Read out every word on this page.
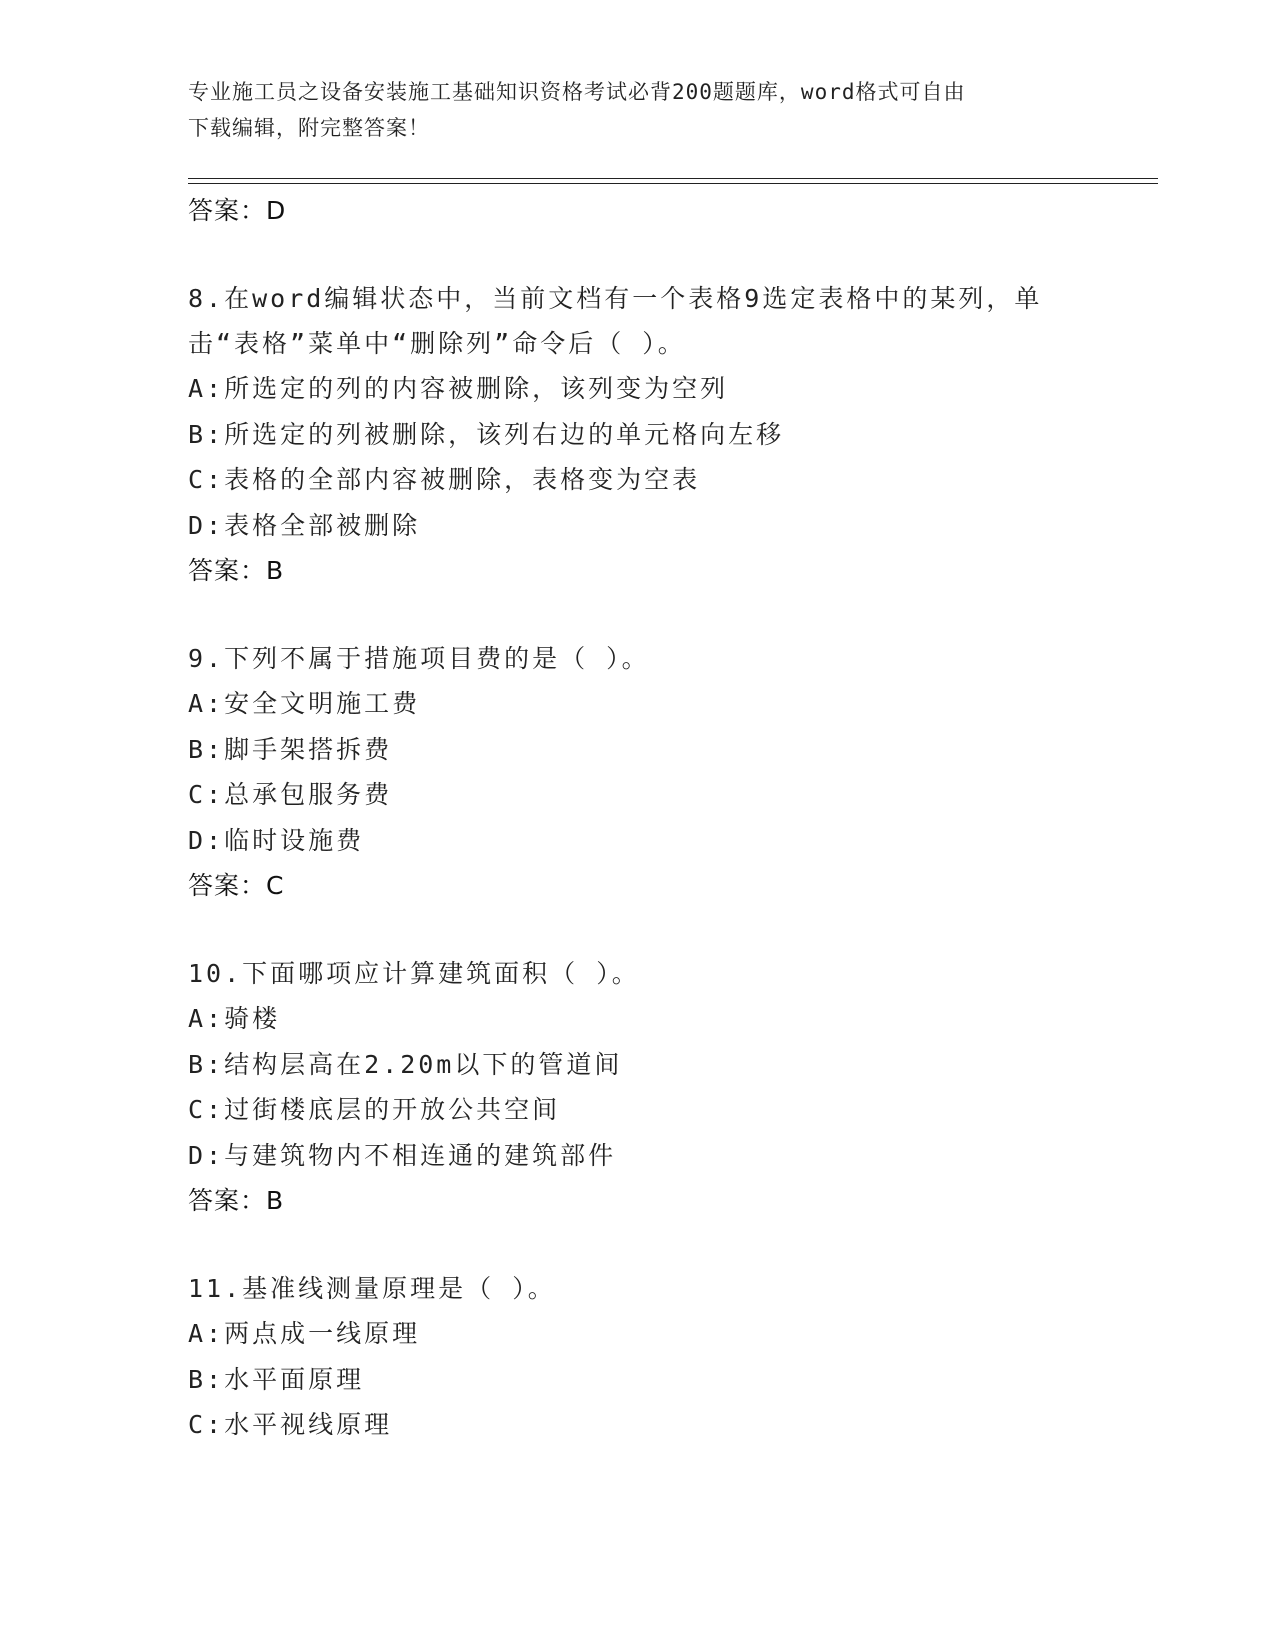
专业施工员之设备安装施工基础知识资格考试必背200题题库，word格式可自由
下载编辑，附完整答案！
答案：D
8.在word编辑状态中，当前文档有一个表格9选定表格中的某列，单
击“表格”菜单中“删除列”命令后（ ）。
A:所选定的列的内容被删除，该列变为空列
B:所选定的列被删除，该列右边的单元格向左移
C:表格的全部内容被删除，表格变为空表
D:表格全部被删除
答案：B
9.下列不属于措施项目费的是（ ）。
A:安全文明施工费
B:脚手架搭拆费
C:总承包服务费
D:临时设施费
答案：C
10.下面哪项应计算建筑面积（ ）。
A:骑楼
B:结构层高在2.20m以下的管道间
C:过街楼底层的开放公共空间
D:与建筑物内不相连通的建筑部件
答案：B
11.基准线测量原理是（ ）。
A:两点成一线原理
B:水平面原理
C:水平视线原理
